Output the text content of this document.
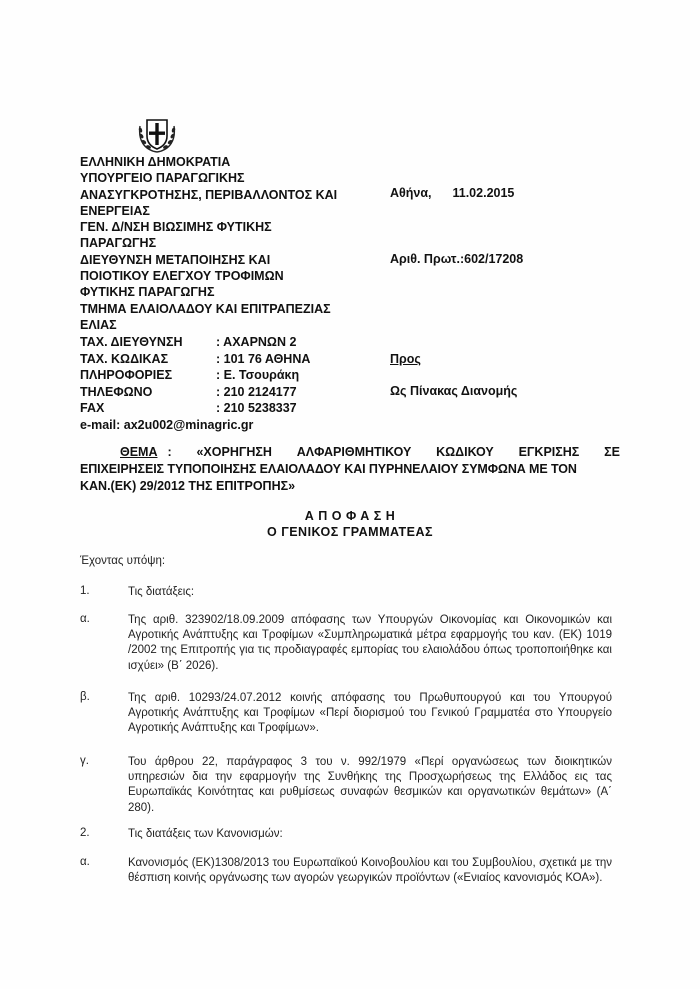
ΕΛΛΗΝΙΚΗ ΔΗΜΟΚΡΑΤΙΑ
ΥΠΟΥΡΓΕΙΟ ΠΑΡΑΓΩΓΙΚΗΣ
ΑΝΑΣΥΓΚΡΟΤΗΣΗΣ, ΠΕΡΙΒΑΛΛΟΝΤΟΣ ΚΑΙ
ΕΝΕΡΓΕΙΑΣ
ΓΕΝ. Δ/ΝΣΗ ΒΙΩΣΙΜΗΣ ΦΥΤΙΚΗΣ
ΠΑΡΑΓΩΓΗΣ
ΔΙΕΥΘΥΝΣΗ ΜΕΤΑΠΟΙΗΣΗΣ ΚΑΙ
ΠΟΙΟΤΙΚΟΥ ΕΛΕΓΧΟΥ ΤΡΟΦΙΜΩΝ
ΦΥΤΙΚΗΣ ΠΑΡΑΓΩΓΗΣ
ΤΜΗΜΑ ΕΛΑΙΟΛΑΔΟΥ ΚΑΙ ΕΠΙΤΡΑΠΕΖΙΑΣ
ΕΛΙΑΣ
Αθήνα, 11.02.2015
Αριθ. Πρωτ.:602/17208
Προς
Ως Πίνακας Διανομής
ΤΑΧ. ΔΙΕΥΘΥΝΣΗ	: ΑΧΑΡΝΩΝ 2
ΤΑΧ. ΚΩΔΙΚΑΣ	: 101 76 ΑΘΗΝΑ
ΠΛΗΡΟΦΟΡΙΕΣ	: Ε. Τσουράκη
ΤΗΛΕΦΩΝΟ	: 210 2124177
FAX	: 210 5238337
e-mail: ax2u002@minagric.gr
ΘΕΜΑ : «ΧΟΡΗΓΗΣΗ ΑΛΦΑΡΙΘΜΗΤΙΚΟΥ ΚΩΔΙΚΟΥ ΕΓΚΡΙΣΗΣ ΣΕ
ΕΠΙΧΕΙΡΗΣΕΙΣ ΤΥΠΟΠΟΙΗΣΗΣ ΕΛΑΙΟΛΑΔΟΥ ΚΑΙ ΠΥΡΗΝΕΛΑΙΟΥ ΣΥΜΦΩΝΑ ΜΕ ΤΟΝ
ΚΑΝ.(ΕΚ) 29/2012 ΤΗΣ ΕΠΙΤΡΟΠΗΣ»
Α Π Ο Φ Α Σ Η
Ο ΓΕΝΙΚΟΣ ΓΡΑΜΜΑΤΕΑΣ
Έχοντας υπόψη:
1.	Τις διατάξεις:
α.	Της αριθ. 323902/18.09.2009 απόφασης των Υπουργών Οικονομίας και Οικονομικών και Αγροτικής Ανάπτυξης και Τροφίμων «Συμπληρωματικά μέτρα εφαρμογής του καν. (ΕΚ) 1019 /2002 της Επιτροπής για τις προδιαγραφές εμπορίας του ελαιολάδου όπως τροποποιήθηκε και ισχύει» (Β΄ 2026).
β.	Της αριθ. 10293/24.07.2012 κοινής απόφασης του Πρωθυπουργού και του Υπουργού Αγροτικής Ανάπτυξης και Τροφίμων «Περί διορισμού του Γενικού Γραμματέα στο Υπουργείο Αγροτικής Ανάπτυξης και Τροφίμων».
γ.	Του άρθρου 22, παράγραφος 3 του ν. 992/1979 «Περί οργανώσεως των διοικητικών υπηρεσιών δια την εφαρμογήν της Συνθήκης της Προσχωρήσεως της Ελλάδος εις τας Ευρωπαϊκάς Κοινότητας και ρυθμίσεως συναφών θεσμικών και οργανωτικών θεμάτων» (Α΄ 280).
2.	Τις διατάξεις των Κανονισμών:
α.	Κανονισμός (ΕΚ)1308/2013 του Ευρωπαϊκού Κοινοβουλίου και του Συμβουλίου, σχετικά με την θέσπιση κοινής οργάνωσης των αγορών γεωργικών προϊόντων («Ενιαίος κανονισμός ΚΟΑ»).
